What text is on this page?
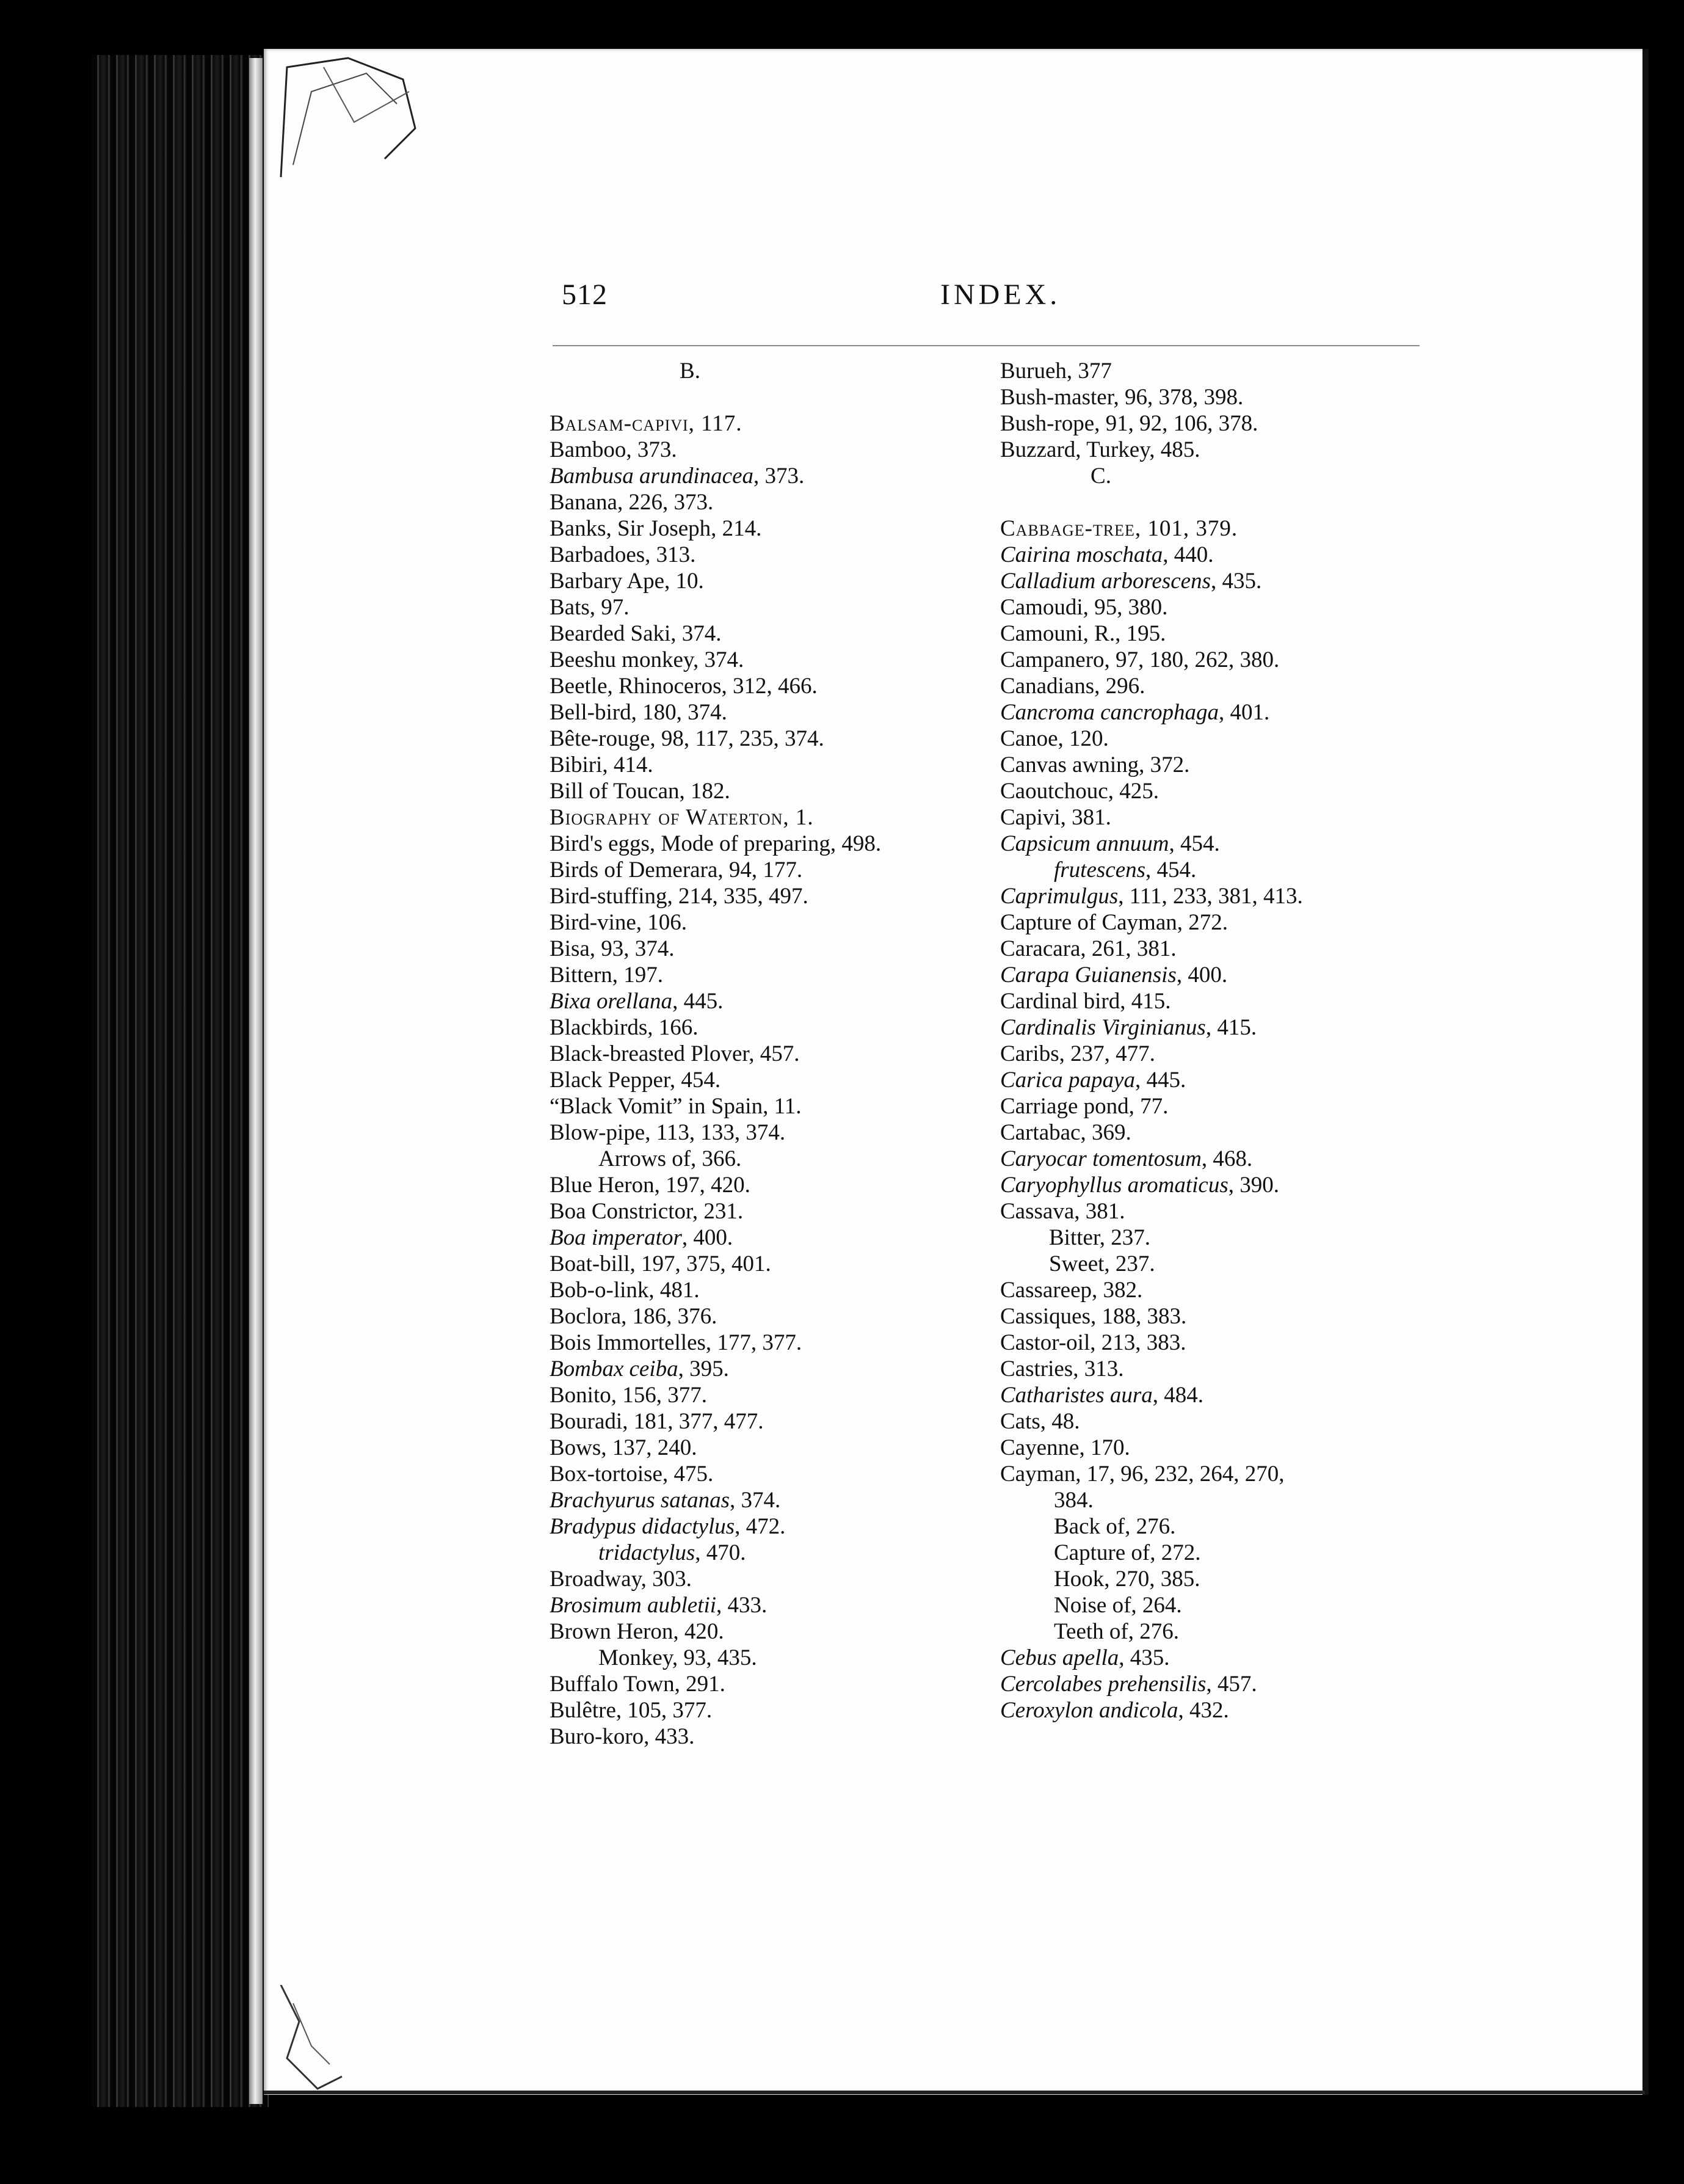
512	INDEX.
B.
Balsam-capivi, 117.
Bamboo, 373.
Bambusa arundinacea, 373.
Banana, 226, 373.
Banks, Sir Joseph, 214.
Barbadoes, 313.
Barbary Ape, 10.
Bats, 97.
Bearded Saki, 374.
Beeshu monkey, 374.
Beetle, Rhinoceros, 312, 466.
Bell-bird, 180, 374.
Bête-rouge, 98, 117, 235, 374.
Bibiri, 414.
Bill of Toucan, 182.
Biography of Waterton, 1.
Bird's eggs, Mode of preparing, 498.
Birds of Demerara, 94, 177.
Bird-stuffing, 214, 335, 497.
Bird-vine, 106.
Bisa, 93, 374.
Bittern, 197.
Bixa orellana, 445.
Blackbirds, 166.
Black-breasted Plover, 457.
Black Pepper, 454.
“Black Vomit” in Spain, 11.
Blow-pipe, 113, 133, 374.
Arrows of, 366.
Blue Heron, 197, 420.
Boa Constrictor, 231.
Boa imperator, 400.
Boat-bill, 197, 375, 401.
Bob-o-link, 481.
Boclora, 186, 376.
Bois Immortelles, 177, 377.
Bombax ceiba, 395.
Bonito, 156, 377.
Bouradi, 181, 377, 477.
Bows, 137, 240.
Box-tortoise, 475.
Brachyurus satanas, 374.
Bradypus didactylus, 472.
tridactylus, 470.
Broadway, 303.
Brosimum aubletii, 433.
Brown Heron, 420.
Monkey, 93, 435.
Buffalo Town, 291.
Bulêtre, 105, 377.
Buro-koro, 433.
Burueh, 377
Bush-master, 96, 378, 398.
Bush-rope, 91, 92, 106, 378.
Buzzard, Turkey, 485.
C.
Cabbage-tree, 101, 379.
Cairina moschata, 440.
Calladium arborescens, 435.
Camoudi, 95, 380.
Camouni, R., 195.
Campanero, 97, 180, 262, 380.
Canadians, 296.
Cancroma cancrophaga, 401.
Canoe, 120.
Canvas awning, 372.
Caoutchouc, 425.
Capivi, 381.
Capsicum annuum, 454.
frutescens, 454.
Caprimulgus, 111, 233, 381, 413.
Capture of Cayman, 272.
Caracara, 261, 381.
Carapa Guianensis, 400.
Cardinal bird, 415.
Cardinalis Virginianus, 415.
Caribs, 237, 477.
Carica papaya, 445.
Carriage pond, 77.
Cartabac, 369.
Caryocar tomentosum, 468.
Caryophyllus aromaticus, 390.
Cassava, 381.
Bitter, 237.
Sweet, 237.
Cassareep, 382.
Cassiques, 188, 383.
Castor-oil, 213, 383.
Castries, 313.
Catharistes aura, 484.
Cats, 48.
Cayenne, 170.
Cayman, 17, 96, 232, 264, 270,
384.
Back of, 276.
Capture of, 272.
Hook, 270, 385.
Noise of, 264.
Teeth of, 276.
Cebus apella, 435.
Cercolabes prehensilis, 457.
Ceroxylon andicola, 432.
